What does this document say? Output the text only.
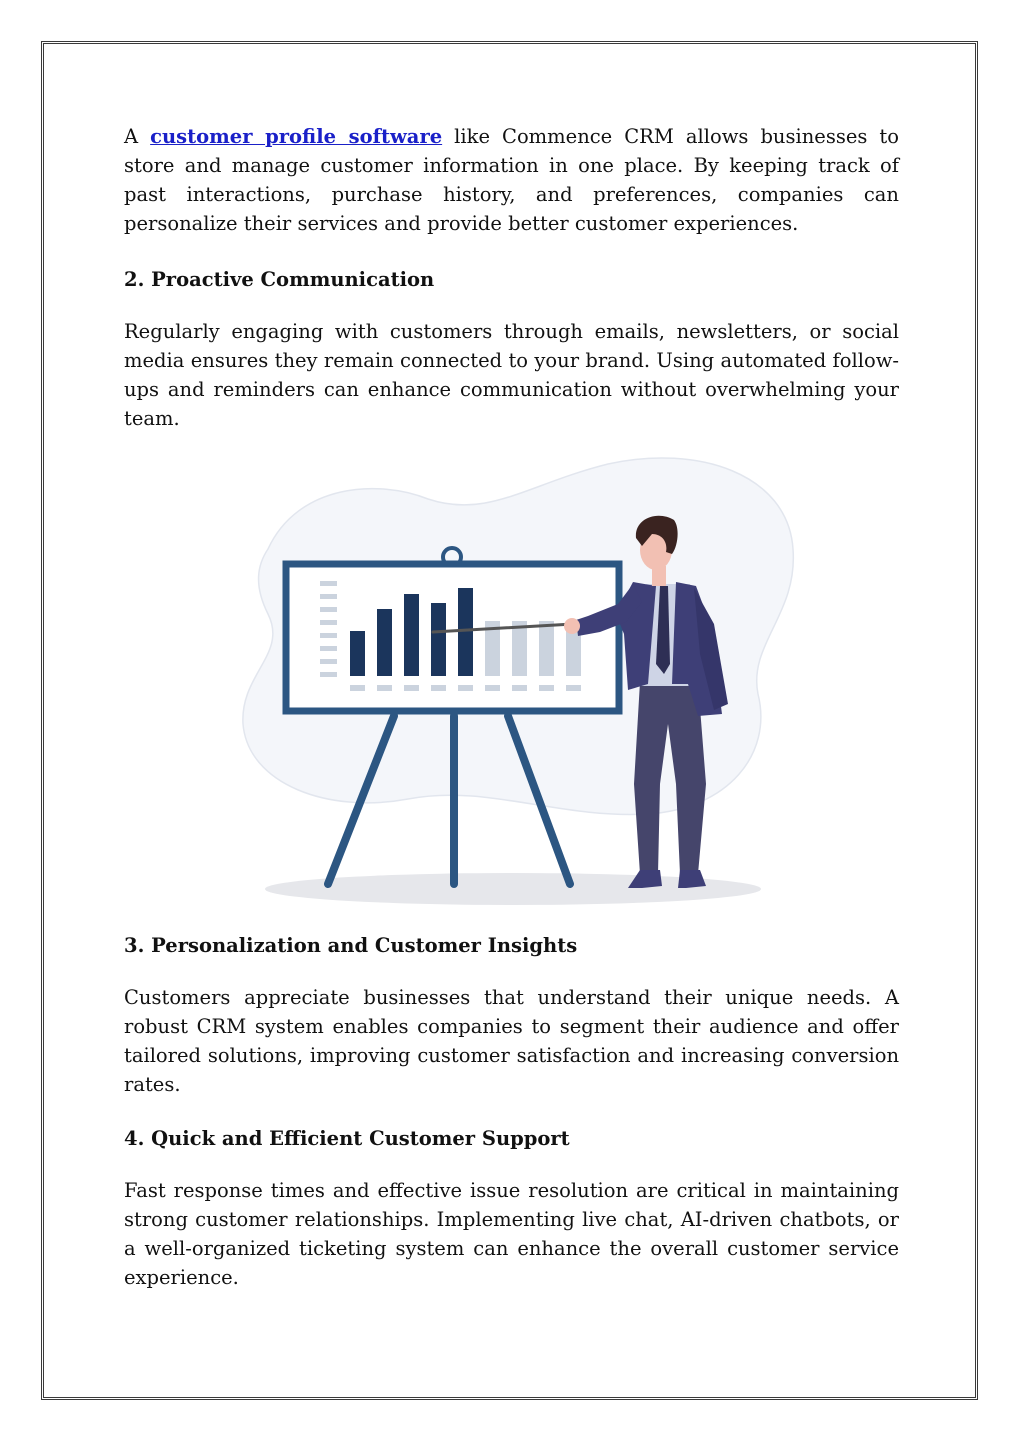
A customer profile software like Commence CRM allows businesses to store and manage customer information in one place. By keeping track of past interactions, purchase history, and preferences, companies can personalize their services and provide better customer experiences.

2. Proactive Communication

Regularly engaging with customers through emails, newsletters, or social media ensures they remain connected to your brand. Using automated follow-ups and reminders can enhance communication without overwhelming your team.

3. Personalization and Customer Insights

Customers appreciate businesses that understand their unique needs. A robust CRM system enables companies to segment their audience and offer tailored solutions, improving customer satisfaction and increasing conversion rates.

4. Quick and Efficient Customer Support

Fast response times and effective issue resolution are critical in maintaining strong customer relationships. Implementing live chat, AI-driven chatbots, or a well-organized ticketing system can enhance the overall customer service experience.
